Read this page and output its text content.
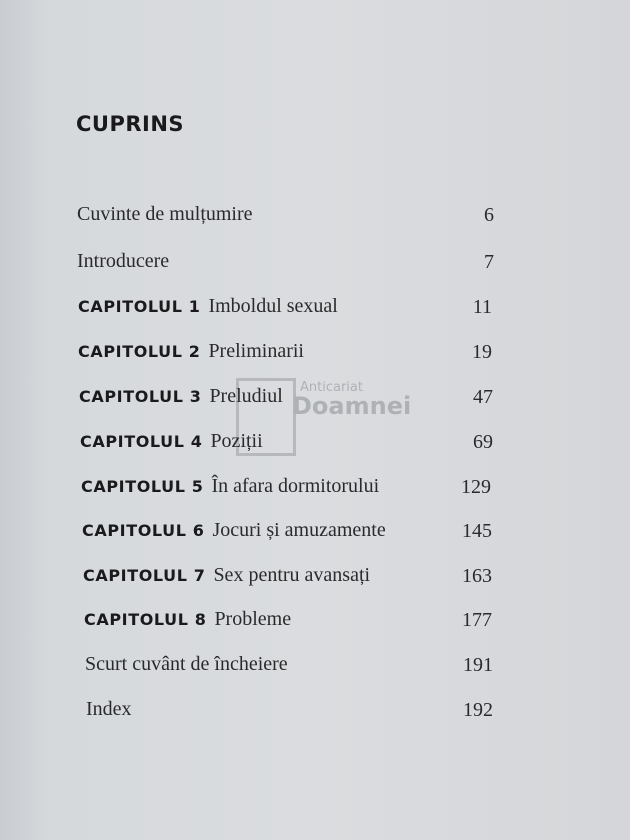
CUPRINS
Anticariat
Doamnei
Cuvinte de mulțumire	6
Introducere	7
CAPITOLUL 1 Imboldul sexual	11
CAPITOLUL 2 Preliminarii	19
CAPITOLUL 3 Preludiul	47
CAPITOLUL 4 Poziții	69
CAPITOLUL 5 În afara dormitorului	129
CAPITOLUL 6 Jocuri și amuzamente	145
CAPITOLUL 7 Sex pentru avansați	163
CAPITOLUL 8 Probleme	177
Scurt cuvânt de încheiere	191
Index	192
